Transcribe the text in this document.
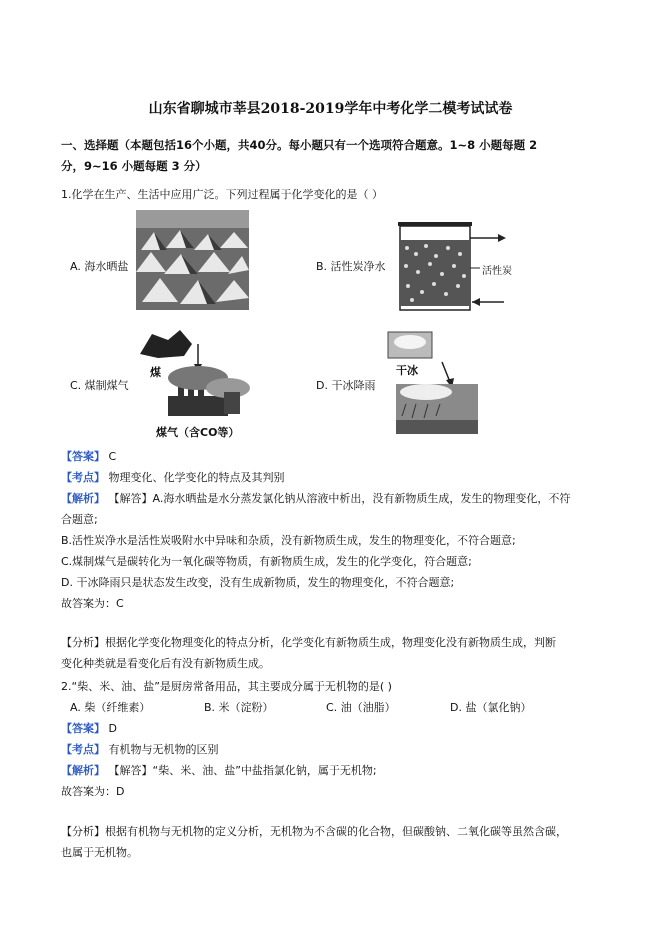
山东省聊城市莘县2018-2019学年中考化学二模考试试卷
一、选择题（本题包括16个小题，共40分。每小题只有一个选项符合题意。1~8 小题每题 2
分，9~16 小题每题 3 分）
1.化学在生产、生活中应用广泛。下列过程属于化学变化的是（ ）
A. 海水晒盐	B. 活性炭净水	活性炭
C. 煤制煤气
煤
煤气（含CO等）
D. 干冰降雨
干冰
【答案】 C
【考点】 物理变化、化学变化的特点及其判别
【解析】 【解答】A.海水晒盐是水分蒸发氯化钠从溶液中析出，没有新物质生成，发生的物理变化，不符
合题意;
B.活性炭净水是活性炭吸附水中异味和杂质，没有新物质生成，发生的物理变化，不符合题意;
C.煤制煤气是碳转化为一氧化碳等物质，有新物质生成，发生的化学变化，符合题意;
D. 干冰降雨只是状态发生改变，没有生成新物质，发生的物理变化，不符合题意;
故答案为：C
【分析】根据化学变化物理变化的特点分析，化学变化有新物质生成，物理变化没有新物质生成，判断
变化种类就是看变化后有没有新物质生成。
2.“柴、米、油、盐”是厨房常备用品，其主要成分属于无机物的是( )
A. 柴（纤维素）	B. 米（淀粉）	C. 油（油脂）	D. 盐（氯化钠）
【答案】 D
【考点】 有机物与无机物的区别
【解析】 【解答】“柴、米、油、盐”中盐指氯化钠，属于无机物;
故答案为：D
【分析】根据有机物与无机物的定义分析，无机物为不含碳的化合物，但碳酸钠、二氧化碳等虽然含碳，
也属于无机物。
